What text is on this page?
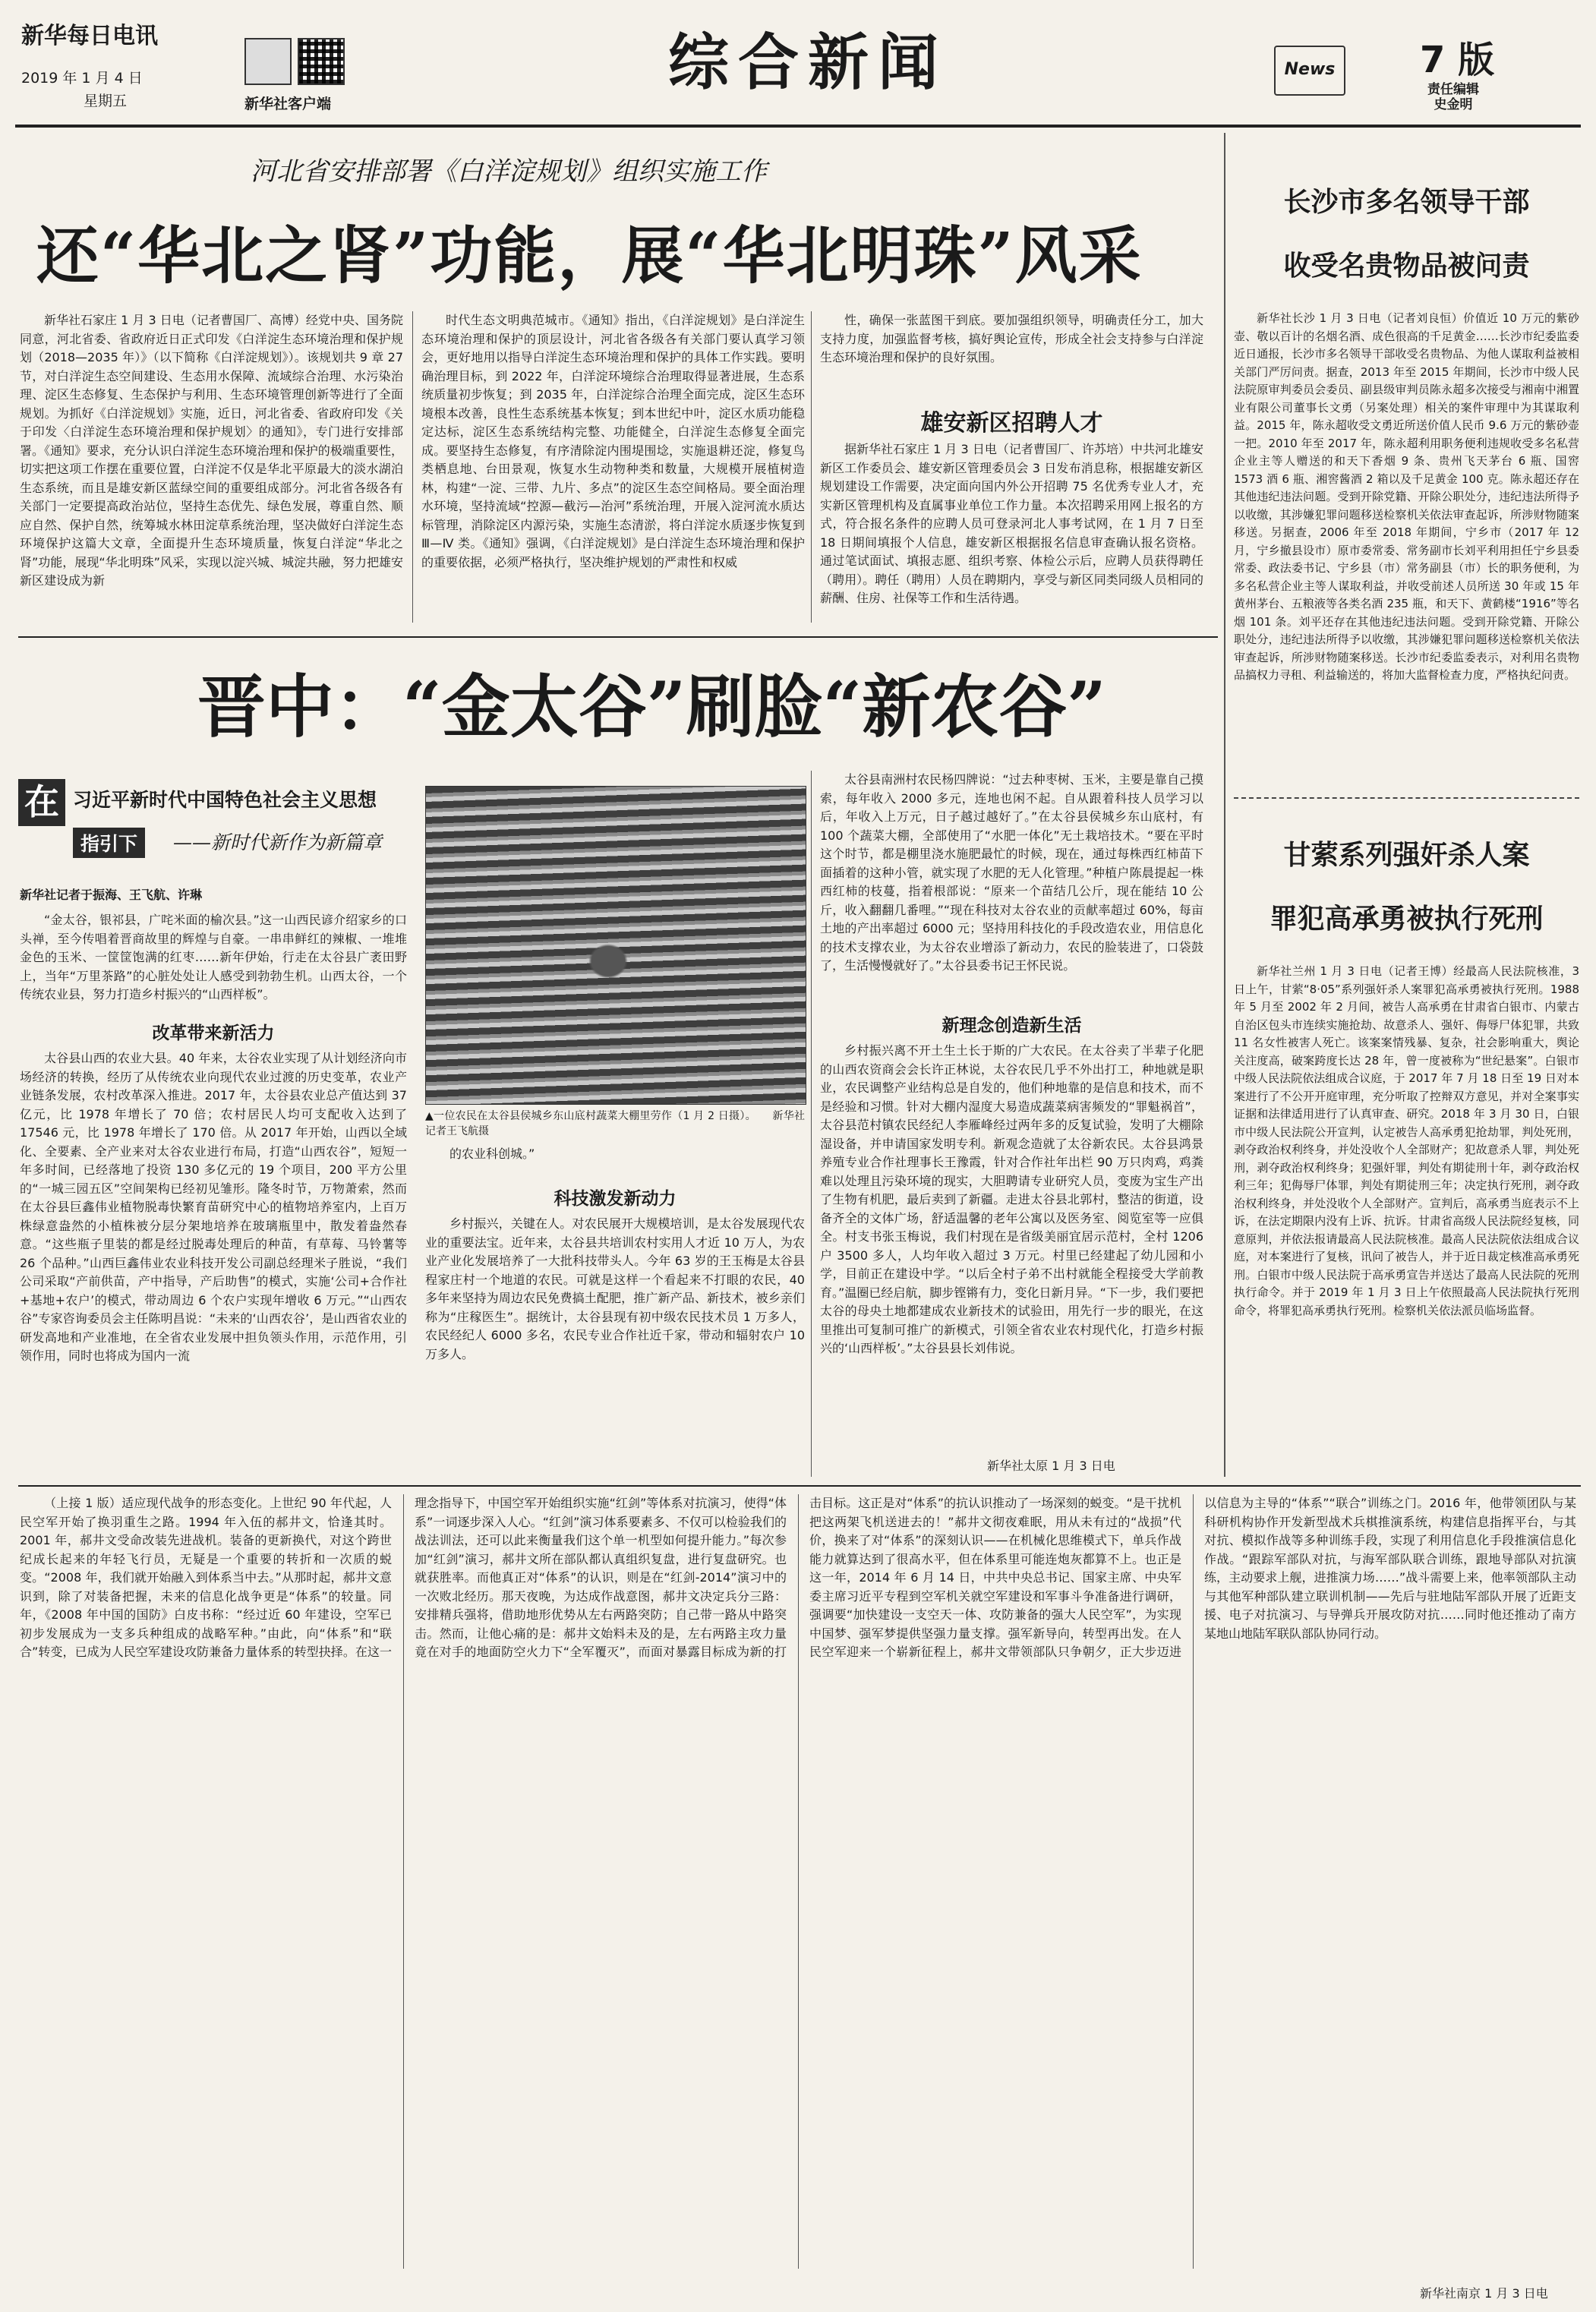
新华每日电讯
2019 年 1 月 4 日
星期五	新华社客户端
综合新闻	News 7 版
责任编辑
史金明
河北省安排部署《白洋淀规划》组织实施工作
还“华北之肾”功能，展“华北明珠”风采
新华社石家庄 1 月 3 日电（记者曹国厂、高博）经党中央、国务院同意，河北省委、省政府近日正式印发《白洋淀生态环境治理和保护规划（2018—2035 年）》（以下简称《白洋淀规划》）。该规划共 9 章 27 节，对白洋淀生态空间建设、生态用水保障、流域综合治理、水污染治理、淀区生态修复、生态保护与利用、生态环境管理创新等进行了全面规划。为抓好《白洋淀规划》实施，近日，河北省委、省政府印发《关于印发〈白洋淀生态环境治理和保护规划〉的通知》，专门进行安排部署。《通知》要求，充分认识白洋淀生态环境治理和保护的极端重要性，切实把这项工作摆在重要位置，白洋淀不仅是华北平原最大的淡水湖泊生态系统，而且是雄安新区蓝绿空间的重要组成部分。河北省各级各有关部门一定要提高政治站位，坚持生态优先、绿色发展，尊重自然、顺应自然、保护自然，统筹城水林田淀草系统治理，坚决做好白洋淀生态环境保护这篇大文章，全面提升生态环境质量，恢复白洋淀“华北之肾”功能，展现“华北明珠”风采，实现以淀兴城、城淀共融，努力把雄安新区建设成为新
时代生态文明典范城市。《通知》指出，《白洋淀规划》是白洋淀生态环境治理和保护的顶层设计，河北省各级各有关部门要认真学习领会，更好地用以指导白洋淀生态环境治理和保护的具体工作实践。要明确治理目标，到 2022 年，白洋淀环境综合治理取得显著进展，生态系统质量初步恢复；到 2035 年，白洋淀综合治理全面完成，淀区生态环境根本改善，良性生态系统基本恢复；到本世纪中叶，淀区水质功能稳定达标，淀区生态系统结构完整、功能健全，白洋淀生态修复全面完成。要坚持生态修复，有序清除淀内围堤围埝，实施退耕还淀，修复鸟类栖息地、台田景观，恢复水生动物种类和数量，大规模开展植树造林，构建“一淀、三带、九片、多点”的淀区生态空间格局。要全面治理水环境，坚持流域“控源—截污—治河”系统治理，开展入淀河流水质达标管理，消除淀区内源污染，实施生态清淤，将白洋淀水质逐步恢复到 Ⅲ—Ⅳ 类。《通知》强调，《白洋淀规划》是白洋淀生态环境治理和保护的重要依据，必须严格执行，坚决维护规划的严肃性和权威
性，确保一张蓝图干到底。要加强组织领导，明确责任分工，加大支持力度，加强监督考核，搞好舆论宣传，形成全社会支持参与白洋淀生态环境治理和保护的良好氛围。
雄安新区招聘人才
据新华社石家庄 1 月 3 日电（记者曹国厂、许苏培）中共河北雄安新区工作委员会、雄安新区管理委员会 3 日发布消息称，根据雄安新区规划建设工作需要，决定面向国内外公开招聘 75 名优秀专业人才，充实新区管理机构及直属事业单位工作力量。本次招聘采用网上报名的方式，符合报名条件的应聘人员可登录河北人事考试网，在 1 月 7 日至 18 日期间填报个人信息，雄安新区根据报名信息审查确认报名资格。通过笔试面试、填报志愿、组织考察、体检公示后，应聘人员获得聘任（聘用）。聘任（聘用）人员在聘期内，享受与新区同类同级人员相同的薪酬、住房、社保等工作和生活待遇。
晋中：“金太谷”刷脸“新农谷”
在 习近平新时代中国特色社会主义思想
指引下	——新时代新作为新篇章
新华社记者于振海、王飞航、许琳
“金太谷，银祁县，广咤米面的榆次县。”这一山西民谚介绍家乡的口头禅，至今传唱着晋商故里的辉煌与自豪。一串串鲜红的辣椒、一堆堆金色的玉米、一筐筐饱满的红枣……新年伊始，行走在太谷县广袤田野上，当年“万里茶路”的心脏处处让人感受到勃勃生机。山西太谷，一个传统农业县，努力打造乡村振兴的“山西样板”。
改革带来新活力
太谷县山西的农业大县。40 年来，太谷农业实现了从计划经济向市场经济的转换，经历了从传统农业向现代农业过渡的历史变革，农业产业链条发展，农村改革深入推进。2017 年，太谷县农业总产值达到 37 亿元，比 1978 年增长了 70 倍；农村居民人均可支配收入达到了 17546 元，比 1978 年增长了 170 倍。从 2017 年开始，山西以全域化、全要素、全产业来对太谷农业进行布局，打造“山西农谷”，短短一年多时间，已经落地了投资 130 多亿元的 19 个项目，200 平方公里的“一城三园五区”空间架构已经初见雏形。隆冬时节，万物萧索，然而在太谷县巨鑫伟业植物脱毒快繁育苗研究中心的植物培养室内，上百万株绿意盎然的小植株被分层分架地培养在玻璃瓶里中，散发着盎然春意。“这些瓶子里装的都是经过脱毒处理后的种苗，有草莓、马铃薯等 26 个品种。”山西巨鑫伟业农业科技开发公司副总经理米子胜说，“我们公司采取“产前供苗，产中指导，产后助售”的模式，实施‘公司+合作社+基地+农户’的模式，带动周边 6 个农户实现年增收 6 万元。”“山西农谷”专家咨询委员会主任陈明昌说：“未来的‘山西农谷’，是山西省农业的研发高地和产业准地，在全省农业发展中担负领头作用，示范作用，引领作用，同时也将成为国内一流
▲一位农民在太谷县侯城乡东山底村蔬菜大棚里劳作（1 月 2 日摄）。　　新华社记者王飞航摄
的农业科创城。”
科技激发新动力
乡村振兴，关键在人。对农民展开大规模培训，是太谷发展现代农业的重要法宝。近年来，太谷县共培训农村实用人才近 10 万人，为农业产业化发展培养了一大批科技带头人。今年 63 岁的王玉梅是太谷县程家庄村一个地道的农民。可就是这样一个看起来不打眼的农民，40 多年来坚持为周边农民免费搞土配肥，推广新产品、新技术，被乡亲们称为“庄稼医生”。据统计，太谷县现有初中级农民技术员 1 万多人，农民经纪人 6000 多名，农民专业合作社近千家，带动和辐射农户 10 万多人。
太谷县南洲村农民杨四牌说：“过去种枣树、玉米，主要是靠自己摸索，每年收入 2000 多元，连地也闲不起。自从跟着科技人员学习以后，年收入上万元，日子越过越好了。”在太谷县侯城乡东山底村，有 100 个蔬菜大棚，全部使用了“水肥一体化”无土栽培技术。“要在平时这个时节，都是棚里浇水施肥最忙的时候，现在，通过每株西红柿苗下面插着的这种小管，就实现了水肥的无人化管理。”种植户陈晨提起一株西红柿的枝蔓，指着根部说：“原来一个苗结几公斤，现在能结 10 公斤，收入翻翻几番哩。”“现在科技对太谷农业的贡献率超过 60%，每亩土地的产出率超过 6000 元；坚持用科技化的手段改造农业，用信息化的技术支撑农业，为太谷农业增添了新动力，农民的脸装进了，口袋鼓了，生活慢慢就好了。”太谷县委书记王怀民说。
新理念创造新生活
乡村振兴离不开土生土长于斯的广大农民。在太谷卖了半辈子化肥的山西农资商会会长许正林说，太谷农民几乎不外出打工，种地就是职业，农民调整产业结构总是自发的，他们种地靠的是信息和技术，而不是经验和习惯。针对大棚内湿度大易造成蔬菜病害频发的“罪魁祸首”，太谷县范村镇农民经纪人李雁峰经过两年多的反复试验，发明了大棚除湿设备，并申请国家发明专利。新观念造就了太谷新农民。太谷县鸿景养殖专业合作社理事长王豫霞，针对合作社年出栏 90 万只肉鸡，鸡粪难以处理且污染环境的现实，大胆聘请专业研究人员，变废为宝生产出了生物有机肥，最后卖到了新疆。走进太谷县北郭村，整洁的街道，设备齐全的文体广场，舒适温馨的老年公寓以及医务室、阅览室等一应俱全。村支书张玉梅说，我们村现在是省级美丽宜居示范村，全村 1206 户 3500 多人，人均年收入超过 3 万元。村里已经建起了幼儿园和小学，目前正在建设中学。“以后全村子弟不出村就能全程接受大学前教育。”温圈已经启航，脚步铿锵有力，变化日新月异。“下一步，我们要把太谷的母央土地都建成农业新技术的试验田，用先行一步的眼光，在这里推出可复制可推广的新模式，引领全省农业农村现代化，打造乡村振兴的‘山西样板’。”太谷县县长刘伟说。
新华社太原 1 月 3 日电
长沙市多名领导干部
收受名贵物品被问责
新华社长沙 1 月 3 日电（记者刘良恒）价值近 10 万元的紫砂壶、敬以百计的名烟名酒、成色很高的千足黄金……长沙市纪委监委近日通报，长沙市多名领导干部收受名贵物品、为他人谋取利益被相关部门严厉问责。据查，2013 年至 2015 年期间，长沙市中级人民法院原审判委员会委员、副县级审判员陈永超多次接受与湘南中湘置业有限公司董事长文勇（另案处理）相关的案件审理中为其谋取利益。2015 年，陈永超收受文勇近所送价值人民币 9.6 万元的紫砂壶一把。2010 年至 2017 年，陈永超利用职务便利违规收受多名私营企业主等人赠送的和天下香烟 9 条、贵州飞天茅台 6 瓶、国窖 1573 酒 6 瓶、湘窖酱酒 2 箱以及千足黄金 100 克。陈永超还存在其他违纪违法问题。受到开除党籍、开除公职处分，违纪违法所得予以收缴，其涉嫌犯罪问题移送检察机关依法审查起诉，所涉财物随案移送。另据查，2006 年至 2018 年期间，宁乡市（2017 年 12 月，宁乡撤县设市）原市委常委、常务副市长刘平利用担任宁乡县委常委、政法委书记、宁乡县（市）常务副县（市）长的职务便利，为多名私营企业主等人谋取利益，并收受前述人员所送 30 年或 15 年黄州茅台、五粮液等各类名酒 235 瓶，和天下、黄鹤楼“1916”等名烟 101 条。刘平还存在其他违纪违法问题。受到开除党籍、开除公职处分，违纪违法所得予以收缴，其涉嫌犯罪问题移送检察机关依法审查起诉，所涉财物随案移送。长沙市纪委监委表示，对利用名贵物品搞权力寻租、利益输送的，将加大监督检查力度，严格执纪问责。
甘萦系列强奸杀人案
罪犯高承勇被执行死刑
新华社兰州 1 月 3 日电（记者王博）经最高人民法院核准，3 日上午，甘萦“8·05”系列强奸杀人案罪犯高承勇被执行死刑。1988 年 5 月至 2002 年 2 月间，被告人高承勇在甘肃省白银市、内蒙古自治区包头市连续实施抢劫、故意杀人、强奸、侮辱尸体犯罪，共致 11 名女性被害人死亡。该案案情残暴、复杂，社会影响重大，舆论关注度高，破案跨度长达 28 年，曾一度被称为“世纪悬案”。白银市中级人民法院依法组成合议庭，于 2017 年 7 月 18 日至 19 日对本案进行了不公开开庭审理，充分听取了控辩双方意见，并对全案事实证据和法律适用进行了认真审查、研究。2018 年 3 月 30 日，白银市中级人民法院公开宣判，认定被告人高承勇犯抢劫罪，判处死刑，剥夺政治权利终身，并处没收个人全部财产；犯故意杀人罪，判处死刑，剥夺政治权利终身；犯强奸罪，判处有期徒刑十年，剥夺政治权利三年；犯侮辱尸体罪，判处有期徒刑三年；决定执行死刑，剥夺政治权利终身，并处没收个人全部财产。宣判后，高承勇当庭表示不上诉，在法定期限内没有上诉、抗诉。甘肃省高级人民法院经复核，同意原判，并依法报请最高人民法院核准。最高人民法院依法组成合议庭，对本案进行了复核，讯问了被告人，并于近日裁定核准高承勇死刑。白银市中级人民法院于高承勇宣告并送达了最高人民法院的死刑执行命令。并于 2019 年 1 月 3 日上午依照最高人民法院执行死刑命令，将罪犯高承勇执行死刑。检察机关依法派员临场监督。
（上接 1 版）适应现代战争的形态变化。上世纪 90 年代起，人民空军开始了换羽重生之路。1994 年入伍的郝井文，恰逢其时。2001 年，郝井文受命改装先进战机。装备的更新换代，对这个跨世纪成长起来的年轻飞行员，无疑是一个重要的转折和一次质的蜕变。“2008 年，我们就开始融入到体系当中去。”从那时起，郝井文意识到，除了对装备把握，未来的信息化战争更是“体系”的较量。同年，《2008 年中国的国防》白皮书称：“经过近 60 年建设，空军已初步发展成为一支多兵种组成的战略军种。”由此，向“体系”和“联合”转变，已成为人民空军建设攻防兼备力量体系的转型抉择。在这一理念指导下，中国空军开始组织实施“红剑”等体系对抗演习，使得“体系”一词逐步深入人心。“红剑”演习体系要素多、不仅可以检验我们的战法训法，还可以此来衡量我们这个单一机型如何提升能力。”每次参加“红剑”演习，郝井文所在部队都认真组织复盘，进行复盘研究。也就获胜率。而他真正对“体系”的认识，则是在“红剑-2014”演习中的一次败北经历。那天夜晚，为达成作战意图，郝井文决定兵分三路：安排精兵强将，借助地形优势从左右两路突防；自己带一路从中路突击。然而，让他心痛的是：郝井文始料未及的是，左右两路主攻力量竟在对手的地面防空火力下“全军覆灭”，而面对暴露目标成为新的打击目标。这正是对“体系”的抗认识推动了一场深刻的蜕变。“是干扰机把这两架飞机送进去的！”郝井文彻夜难眠，用从未有过的“战损”代价，换来了对“体系”的深刻认识——在机械化思维模式下，单兵作战能力就算达到了很高水平，但在体系里可能连炮灰都算不上。也正是这一年，2014 年 6 月 14 日，中共中央总书记、国家主席、中央军委主席习近平专程到空军机关就空军建设和军事斗争准备进行调研，强调要“加快建设一支空天一体、攻防兼备的强大人民空军”，为实现中国梦、强军梦提供坚强力量支撑。强军新导向，转型再出发。在人民空军迎来一个崭新征程上，郝井文带领部队只争朝夕，正大步迈进以信息为主导的“体系”“联合”训练之门。2016 年，他带领团队与某科研机构协作开发新型战术兵棋推演系统，构建信息指挥平台，与其对抗、模拟作战等多种训练手段，实现了利用信息化手段推演信息化作战。“跟踪军部队对抗，与海军部队联合训练，跟地导部队对抗演练，主动要求上舰，进推演力场……”战斗需要上来，他率领部队主动与其他军种部队建立联训机制——先后与驻地陆军部队开展了近距支援、电子对抗演习、与导弹兵开展攻防对抗……同时他还推动了南方某地山地陆军联队部队协同行动。
新华社南京 1 月 3 日电
